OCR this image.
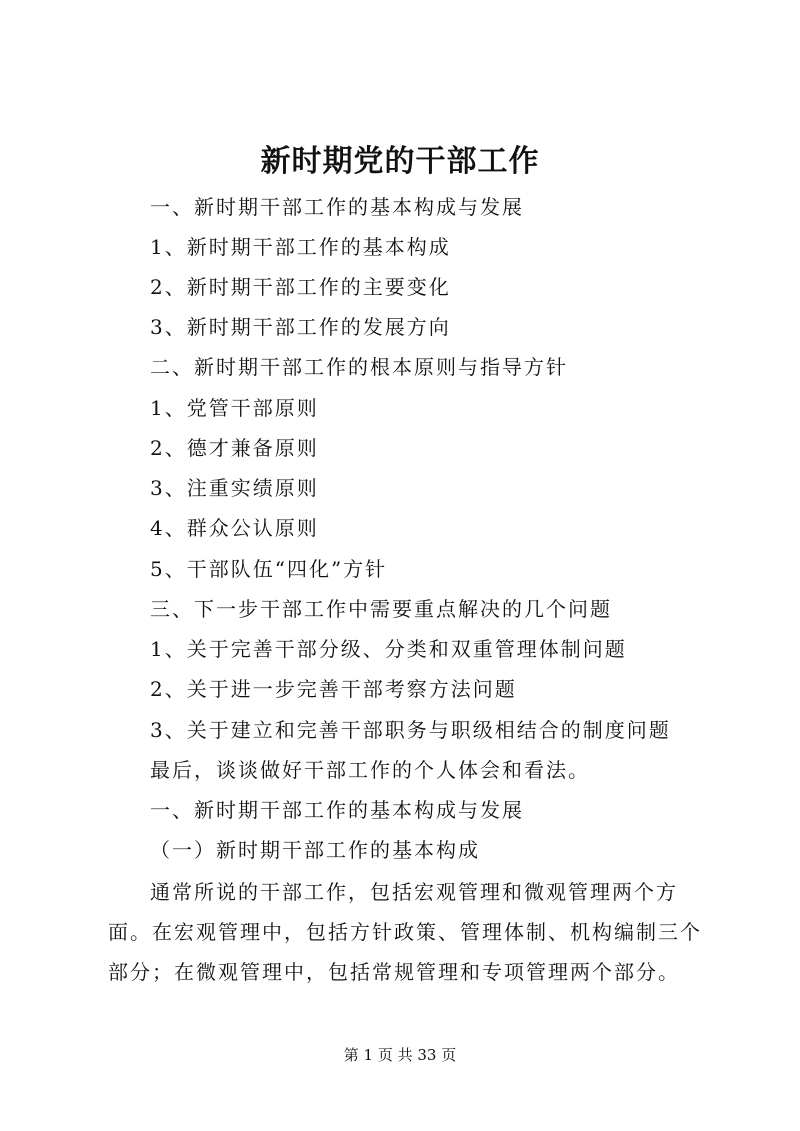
新时期党的干部工作
一、新时期干部工作的基本构成与发展
1、新时期干部工作的基本构成
2、新时期干部工作的主要变化
3、新时期干部工作的发展方向
二、新时期干部工作的根本原则与指导方针
1、党管干部原则
2、德才兼备原则
3、注重实绩原则
4、群众公认原则
5、干部队伍“四化”方针
三、下一步干部工作中需要重点解决的几个问题
1、关于完善干部分级、分类和双重管理体制问题
2、关于进一步完善干部考察方法问题
3、关于建立和完善干部职务与职级相结合的制度问题
最后，谈谈做好干部工作的个人体会和看法。
一、新时期干部工作的基本构成与发展
（一）新时期干部工作的基本构成
通常所说的干部工作，包括宏观管理和微观管理两个方面。在宏观管理中，包括方针政策、管理体制、机构编制三个部分；在微观管理中，包括常规管理和专项管理两个部分。
第 1 页 共 33 页
